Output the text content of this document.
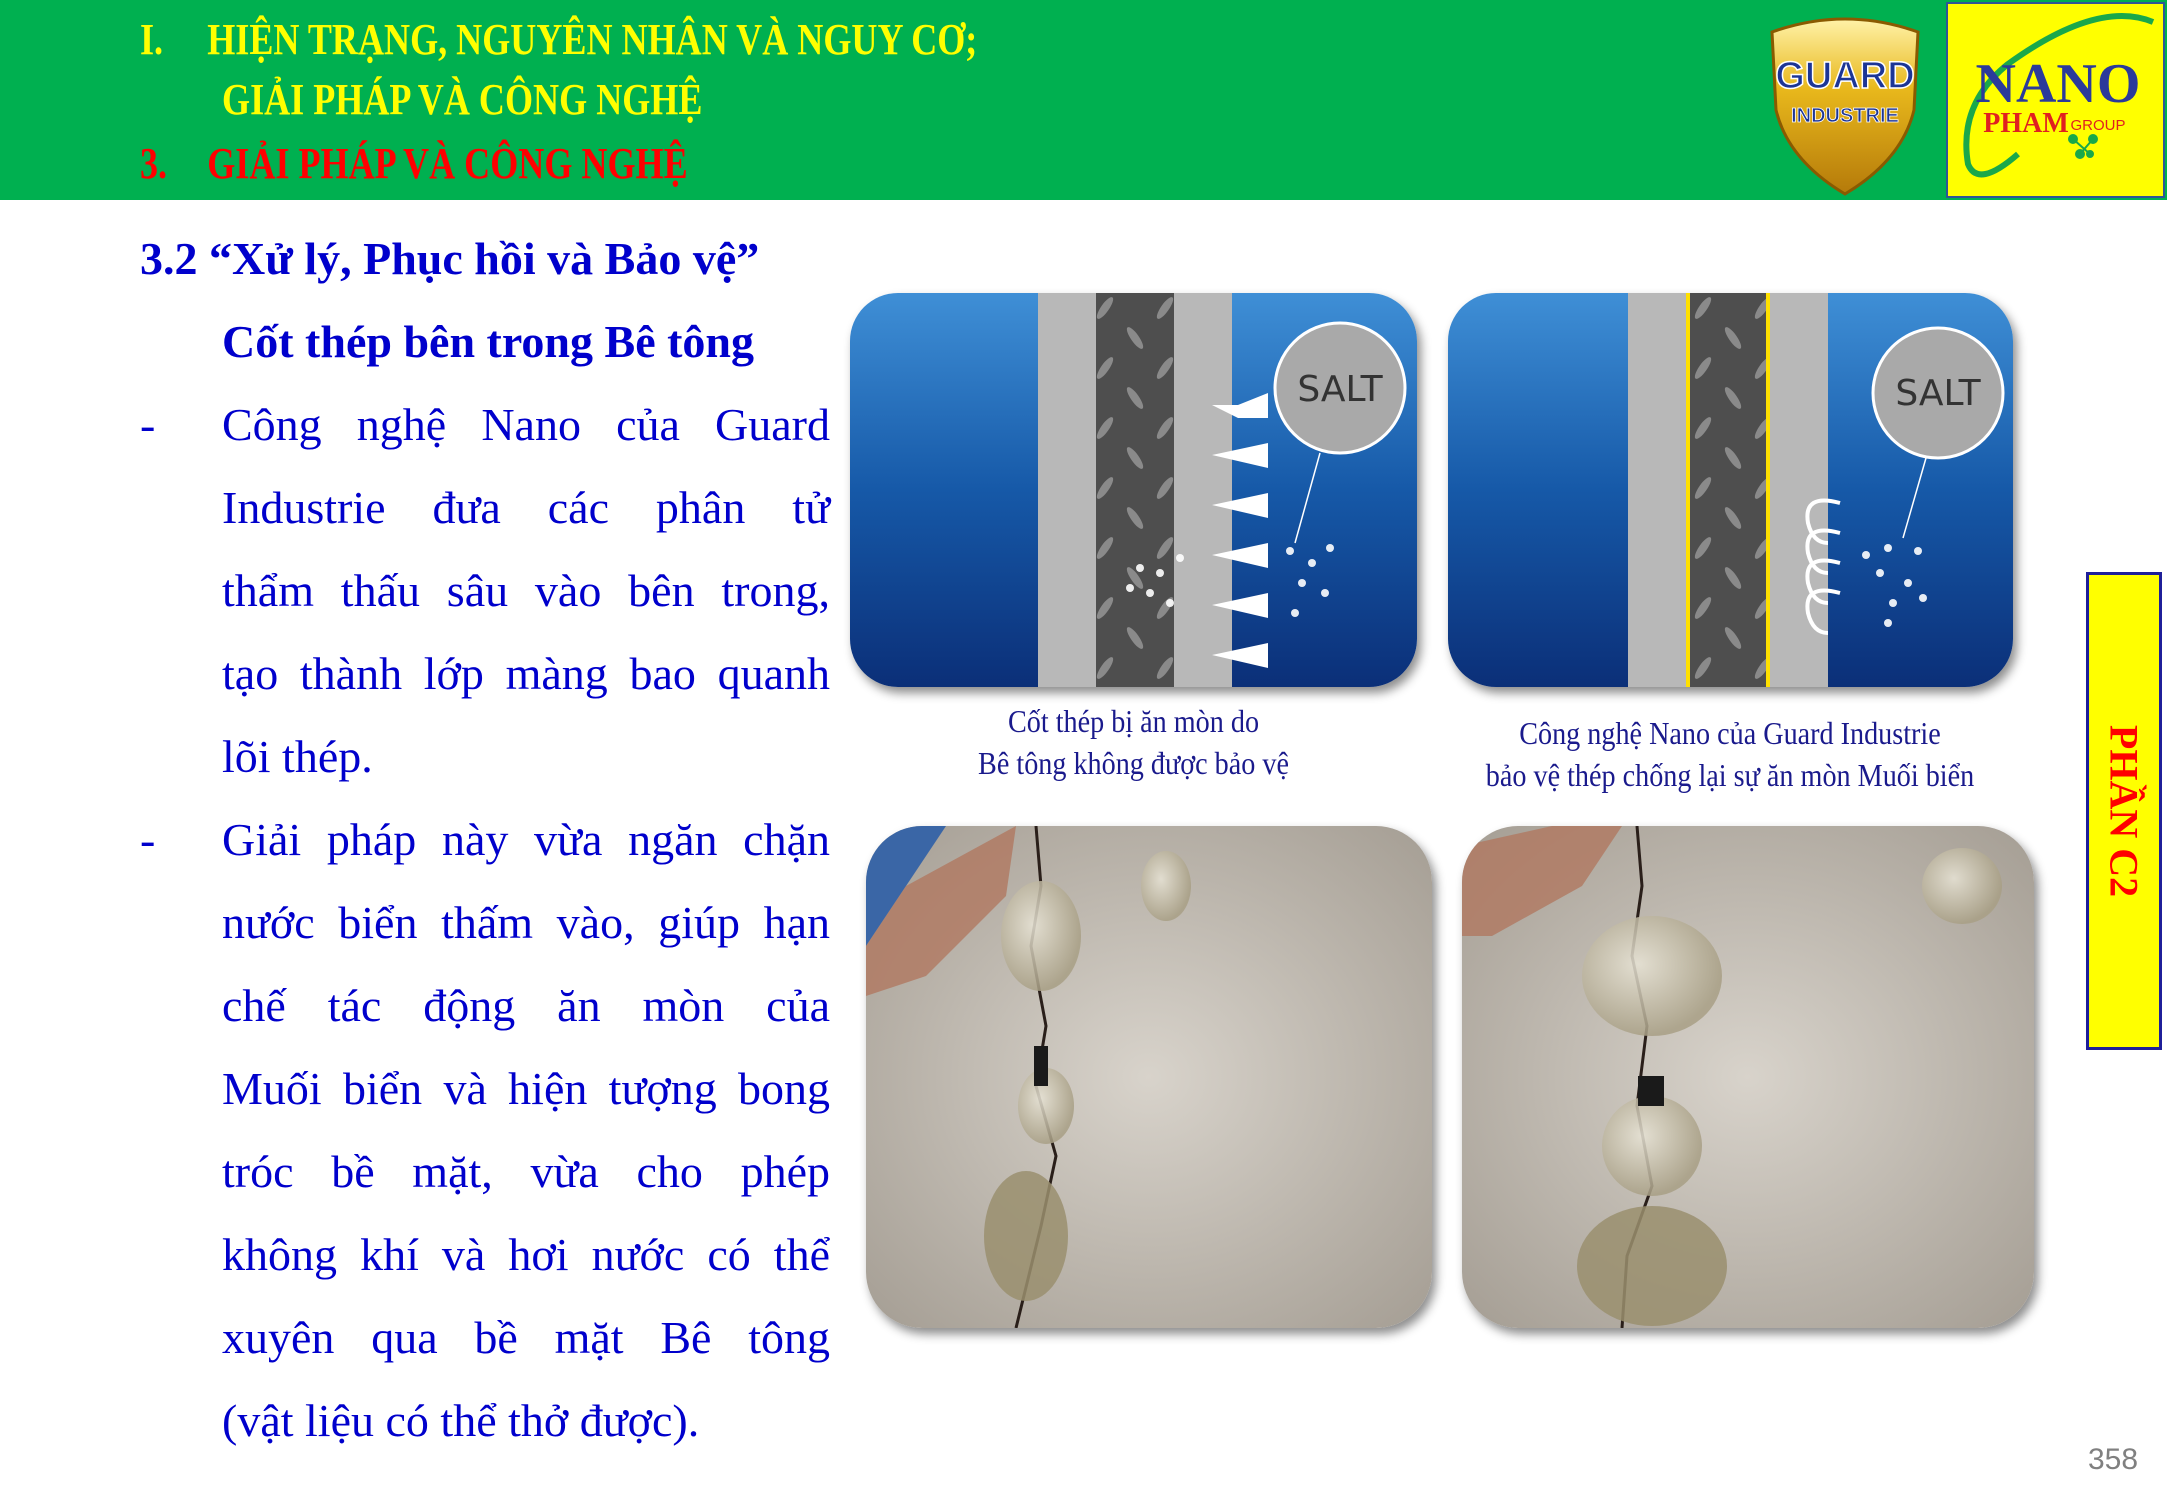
I. HIỆN TRẠNG, NGUYÊN NHÂN VÀ NGUY CƠ;
GIẢI PHÁP VÀ CÔNG NGHỆ
3. GIẢI PHÁP VÀ CÔNG NGHỆ
GUARD
INDUSTRIE
NANO
PHAM GROUP
3.2 “Xử lý, Phục hồi và Bảo vệ”
Cốt thép bên trong Bê tông
- Công nghệ Nano của Guard
Industrie đưa các phân tử
thẩm thấu sâu vào bên trong,
tạo thành lớp màng bao quanh
lõi thép.
- Giải pháp này vừa ngăn chặn
nước biển thấm vào, giúp hạn
chế tác động ăn mòn của
Muối biển và hiện tượng bong
tróc bề mặt, vừa cho phép
không khí và hơi nước có thể
xuyên qua bề mặt Bê tông
(vật liệu có thể thở được).
SALT
Cốt thép bị ăn mòn do
Bê tông không được bảo vệ
SALT
Công nghệ Nano của Guard Industrie
bảo vệ thép chống lại sự ăn mòn Muối biển	PHẦN C2
358
